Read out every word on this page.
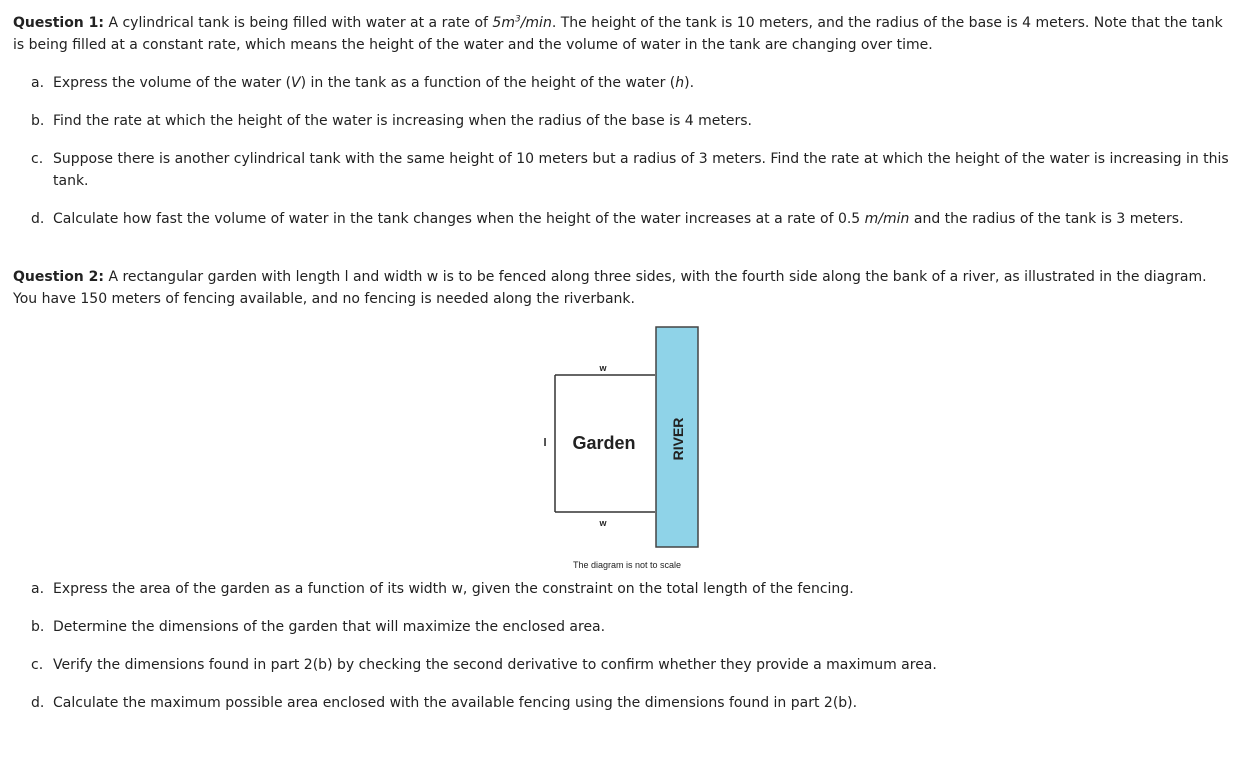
Question 1: A cylindrical tank is being filled with water at a rate of $5m^3/\min$. The height of the tank is 10 meters, and the radius of the base is 4 meters. Note that the tank is being filled at a constant rate, which means the height of the water and the volume of water in the tank are changing over time.

a. Express the volume of the water (V) in the tank as a function of the height of the water (h).
b. Find the rate at which the height of the water is increasing when the radius of the base is 4 meters.
c. Suppose there is another cylindrical tank with the same height of 10 meters but a radius of 3 meters. Find the rate at which the height of the water is increasing in this tank.
d. Calculate how fast the volume of water in the tank changes when the height of the water increases at a rate of 0.5 m/min and the radius of the tank is 3 meters.

Question 2: A rectangular garden with length l and width w is to be fenced along three sides, with the fourth side along the bank of a river, as illustrated in the diagram. You have 150 meters of fencing available, and no fencing is needed along the riverbank.

RIVER
w
w
l Garden
The diagram is not to scale
a. Express the area of the garden as a function of its width w, given the constraint on the total length of the fencing.
b. Determine the dimensions of the garden that will maximize the enclosed area.
c. Verify the dimensions found in part 2(b) by checking the second derivative to confirm whether they provide a maximum area.
d. Calculate the maximum possible area enclosed with the available fencing using the dimensions found in part 2(b).
